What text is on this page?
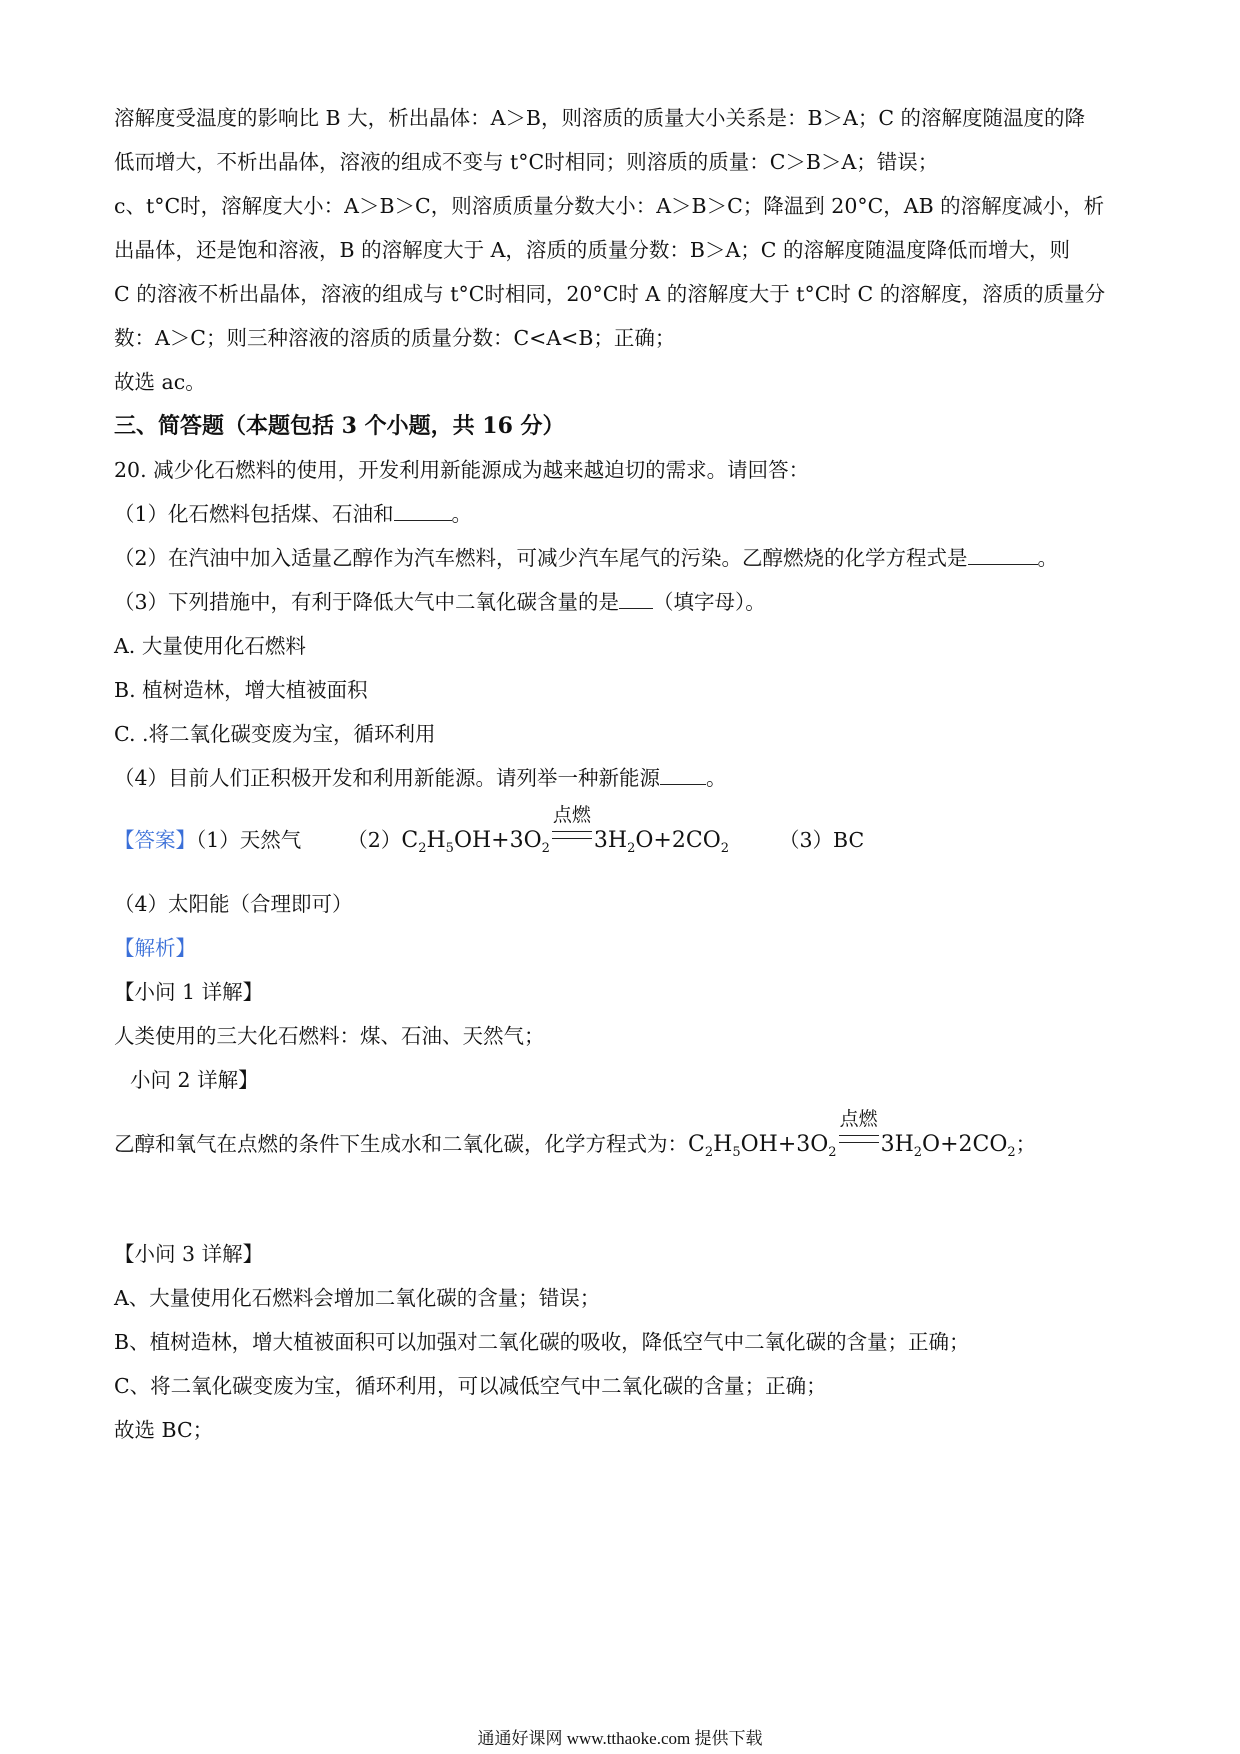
溶解度受温度的影响比 B 大，析出晶体：A＞B，则溶质的质量大小关系是：B＞A；C 的溶解度随温度的降
低而增大，不析出晶体，溶液的组成不变与 t°C时相同；则溶质的质量：C＞B＞A；错误；
c、t°C时，溶解度大小：A＞B＞C，则溶质质量分数大小：A＞B＞C；降温到 20°C，AB 的溶解度减小，析
出晶体，还是饱和溶液，B 的溶解度大于 A，溶质的质量分数：B＞A；C 的溶解度随温度降低而增大，则
C 的溶液不析出晶体，溶液的组成与 t°C时相同，20°C时 A 的溶解度大于 t°C时 C 的溶解度，溶质的质量分
数：A＞C；则三种溶液的溶质的质量分数：C<A<B；正确；
故选 ac。
三、简答题（本题包括 3 个小题，共 16 分）
20. 减少化石燃料的使用，开发利用新能源成为越来越迫切的需求。请回答：
（1）化石燃料包括煤、石油和	。
（2）在汽油中加入适量乙醇作为汽车燃料，可减少汽车尾气的污染。乙醇燃烧的化学方程式是	。
（3）下列措施中，有利于降低大气中二氧化碳含量的是 （填字母）。
A. 大量使用化石燃料
B. 植树造林，增大植被面积
C. .将二氧化碳变废为宝，循环利用
（4）目前人们正积极开发和利用新能源。请列举一种新能源 。
【答案】（1）天然气 $(2)C_2H_5OH+3O_2$
点燃
$3H_2O+2CO_2$ （3）BC
（4）太阳能（合理即可）
【解析】
【小问 1 详解】
人类使用的三大化石燃料：煤、石油、天然气；
小问 2 详解】
乙醇和氧气在点燃的条件下生成水和二氧化碳，化学方程式为：$C_2H_5OH+3O_2$
点燃
$3H_2O+2CO_2$；
【小问 3 详解】
A、大量使用化石燃料会增加二氧化碳的含量；错误；
B、植树造林，增大植被面积可以加强对二氧化碳的吸收，降低空气中二氧化碳的含量；正确；
C、将二氧化碳变废为宝，循环利用，可以减低空气中二氧化碳的含量；正确；
故选 BC；
通通好课网 www.tthaoke.com 提供下载
